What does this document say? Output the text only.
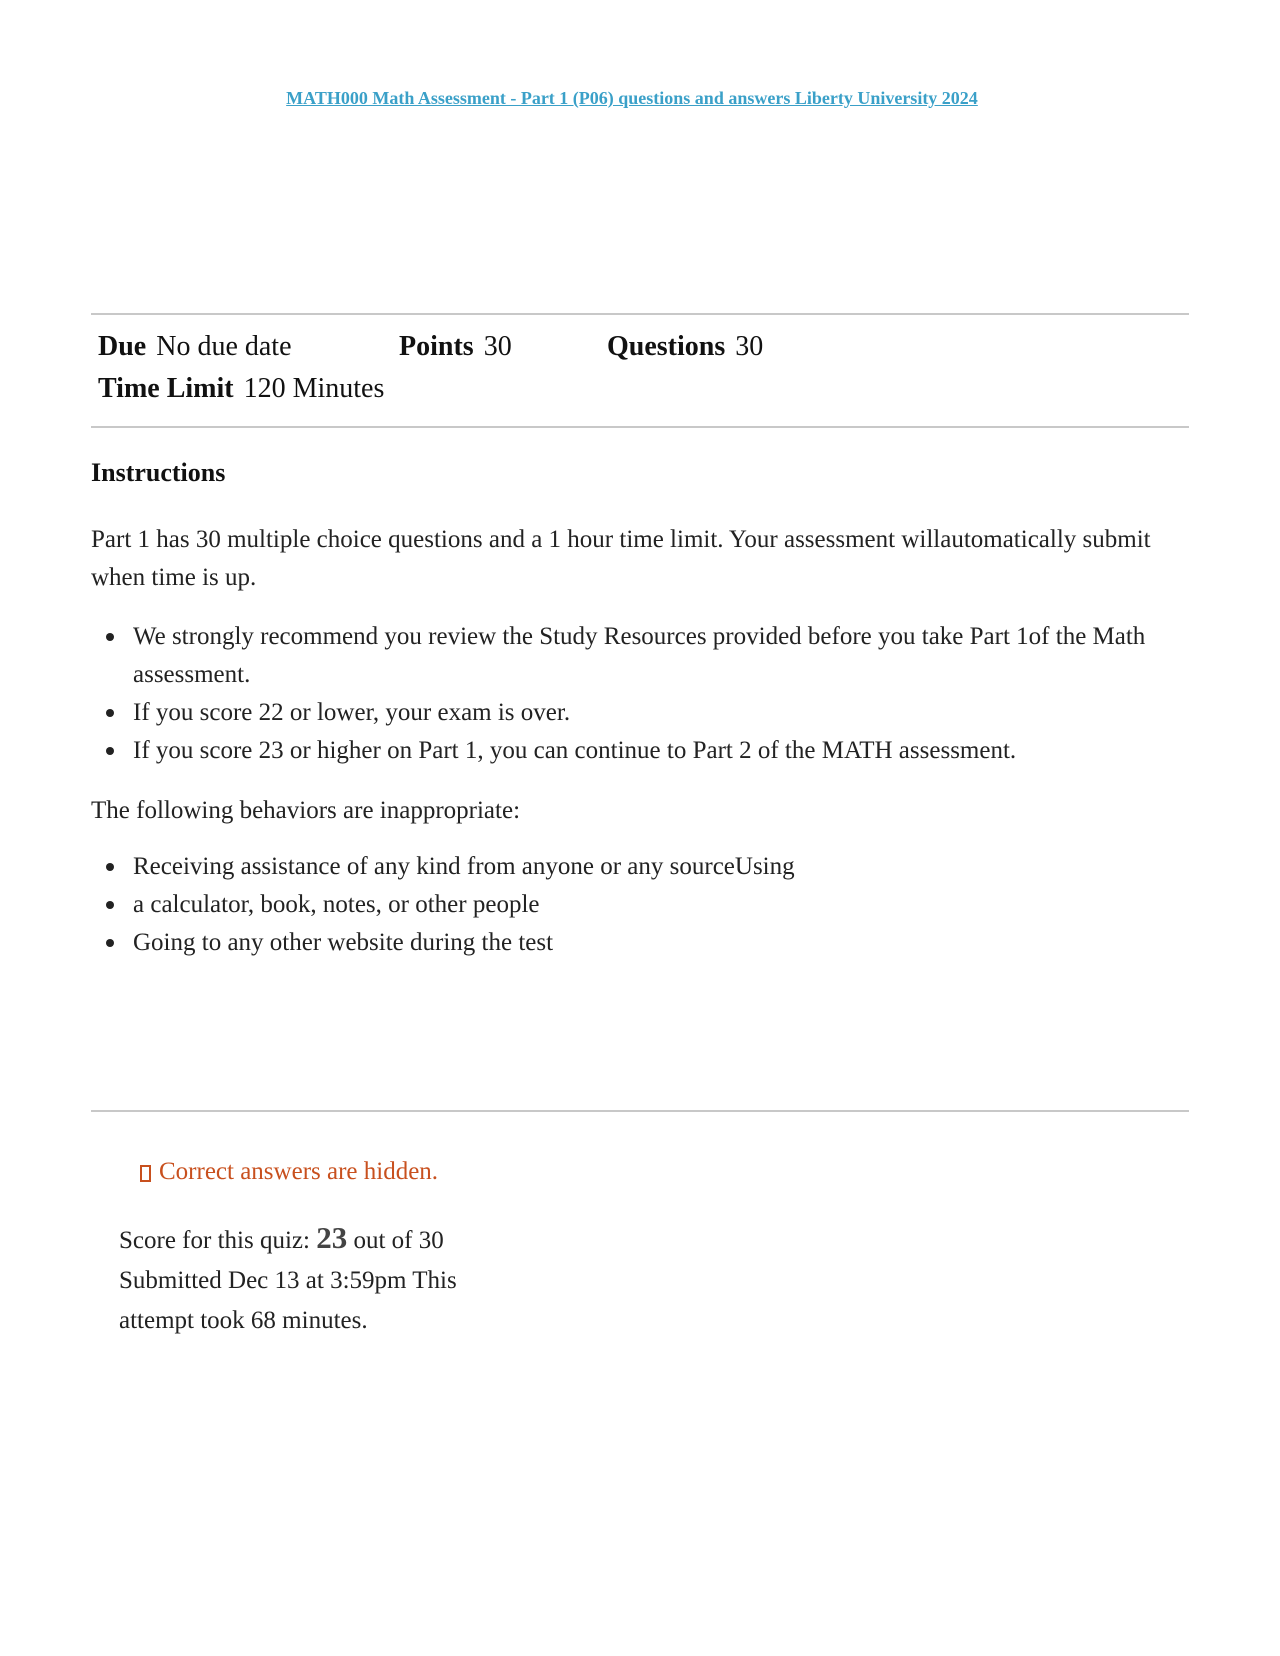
MATH000 Math Assessment - Part 1 (P06) questions and answers Liberty University 2024
Due No due date	Points 30	Questions 30
Time Limit 120 Minutes
Instructions
Part 1 has 30 multiple choice questions and a 1 hour time limit. Your assessment willautomatically submit when time is up.
We strongly recommend you review the Study Resources provided before you take Part 1of the Math assessment.
If you score 22 or lower, your exam is over.
If you score 23 or higher on Part 1, you can continue to Part 2 of the MATH assessment.
The following behaviors are inappropriate:
Receiving assistance of any kind from anyone or any sourceUsing
a calculator, book, notes, or other people
Going to any other website during the test
Correct answers are hidden.
Score for this quiz: 23 out of 30
Submitted Dec 13 at 3:59pm This
attempt took 68 minutes.
